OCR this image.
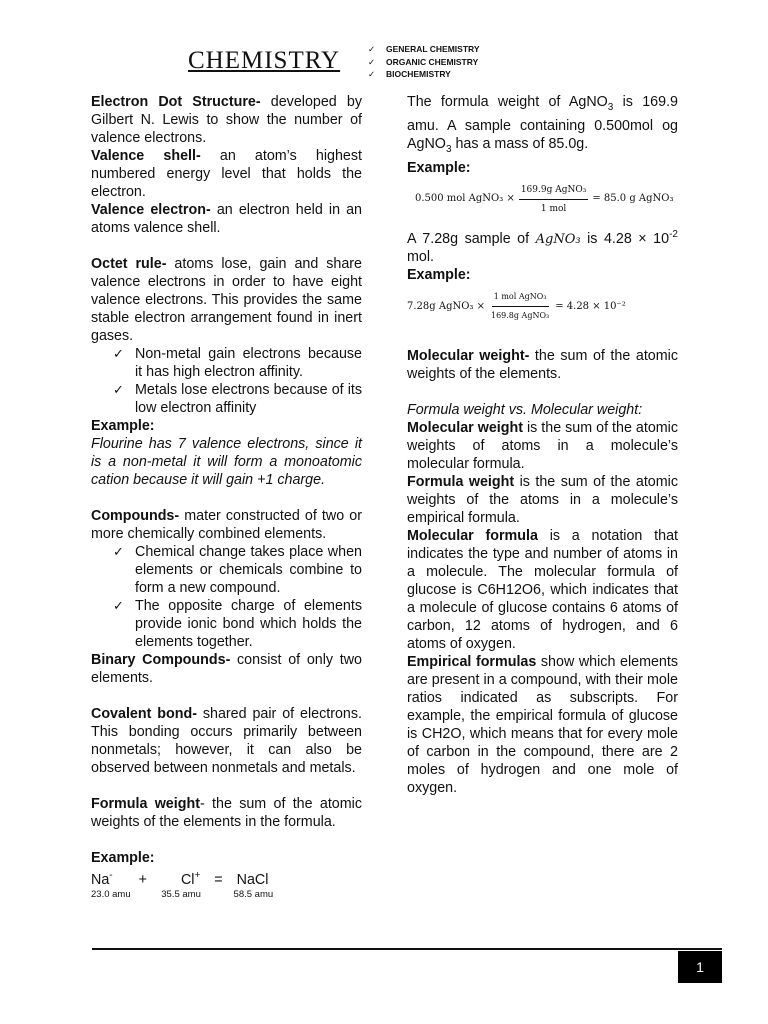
CHEMISTRY	✓ GENERAL CHEMISTRY
✓ ORGANIC CHEMISTRY
✓ BIOCHEMISTRY

Electron Dot Structure- developed by Gilbert N. Lewis to show the number of valence electrons.

Valence shell- an atom’s highest numbered energy level that holds the electron.

Valence electron- an electron held in an atoms valence shell.

Octet rule- atoms lose, gain and share valence electrons in order to have eight valence electrons. This provides the same stable electron arrangement found in inert gases.

✓ Non-metal gain electrons because it has high electron affinity.
✓ Metals lose electrons because of its low electron affinity

Example:

Flourine has 7 valence electrons, since it is a non-metal it will form a monoatomic cation because it will gain +1 charge.

Compounds- mater constructed of two or more chemically combined elements.

✓ Chemical change takes place when elements or chemicals combine to form a new compound.
✓ The opposite charge of elements provide ionic bond which holds the elements together.

Binary Compounds- consist of only two elements.

Covalent bond- shared pair of electrons. This bonding occurs primarily between nonmetals; however, it can also be observed between nonmetals and metals.

Formula weight- the sum of the atomic weights of the elements in the formula.

Example:

Na- + Cl+ = NaCl

23.0 amu	35.5 amu	58.5 amu

The formula weight of AgNO$_3$ is 169.9 amu. A sample containing 0.500mol og AgNO$_3$ has a mass of 85.0g.

Example:

0.500 mol AgNO₃ × $\frac{\text{169.9g AgNO₃}}{\text{1 mol}} = 85.0$ g AgNO₃

A 7.28g sample of AgNO₃ is $4.28 \times 10^{-2}$ mol.

Example:

7.28g AgNO₃ × $\frac{\text{1 mol AgNO₃}}{\text{169.8g AgNO₃}} = 4.28 \times 10^{-2}$

Molecular weight- the sum of the atomic weights of the elements.

Formula weight vs. Molecular weight:

Molecular weight is the sum of the atomic weights of atoms in a molecule’s molecular formula.

Formula weight is the sum of the atomic weights of the atoms in a molecule’s empirical formula.

Molecular formula is a notation that indicates the type and number of atoms in a molecule. The molecular formula of glucose is C6H12O6, which indicates that a molecule of glucose contains 6 atoms of carbon, 12 atoms of hydrogen, and 6 atoms of oxygen.

Empirical formulas show which elements are present in a compound, with their mole ratios indicated as subscripts. For example, the empirical formula of glucose is CH2O, which means that for every mole of carbon in the compound, there are 2 moles of hydrogen and one mole of oxygen.

1
